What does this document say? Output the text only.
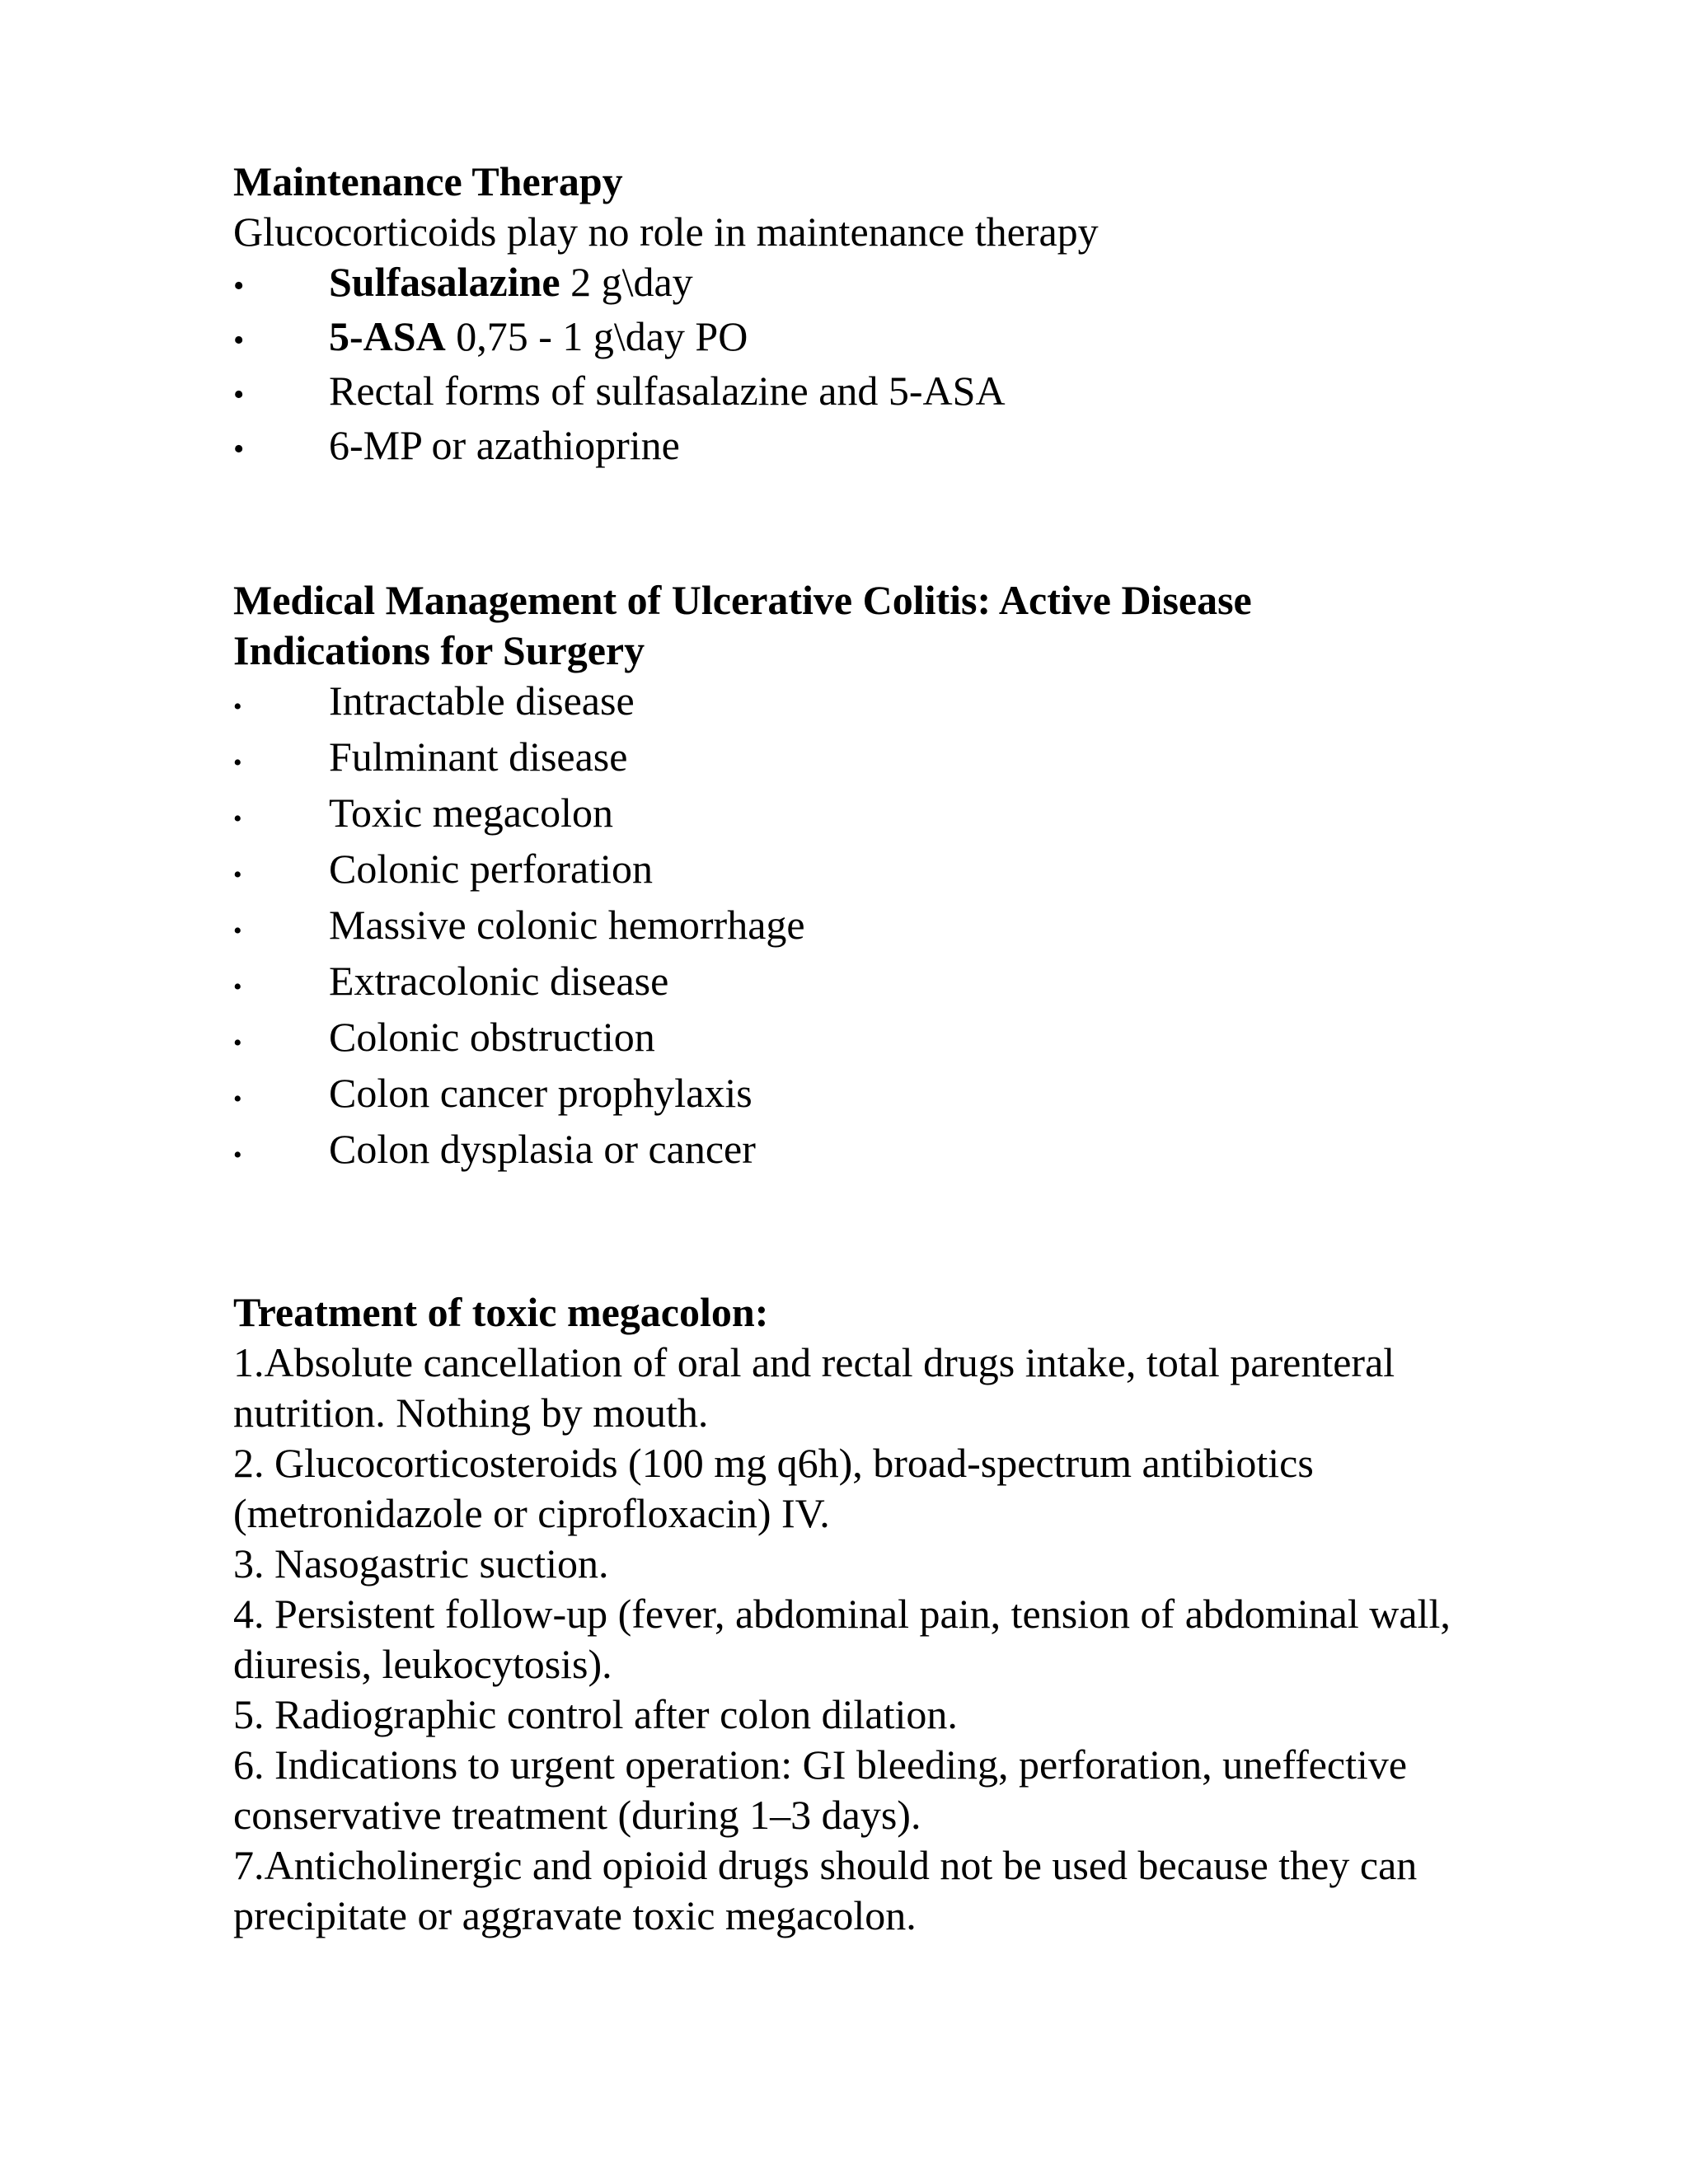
Maintenance Therapy
Glucocorticoids play no role in maintenance therapy
•	Sulfasalazine 2 g\day
•	5-ASA 0,75 - 1 g\day PO
•	Rectal forms of sulfasalazine and 5-ASA
•	6-MP or azathioprine
Medical Management of Ulcerative Colitis: Active Disease
Indications for Surgery
•	Intractable disease
•	Fulminant disease
•	Toxic megacolon
•	Colonic perforation
•	Massive colonic hemorrhage
•	Extracolonic disease
•	Colonic obstruction
•	Colon cancer prophylaxis
•	Colon dysplasia or cancer
Treatment of toxic megacolon:
1.Absolute cancellation of oral and rectal drugs intake, total parenteral
nutrition. Nothing by mouth.
2. Glucocorticosteroids (100 mg q6h), broad-spectrum antibiotics
(metronidazole or ciprofloxacin) IV.
3. Nasogastric suction.
4. Persistent follow-up (fever, abdominal pain, tension of abdominal wall,
diuresis, leukocytosis).
5. Radiographic control after colon dilation.
6. Indications to urgent operation: GI bleeding, perforation, uneffective
conservative treatment (during 1–3 days).
7.Anticholinergic and opioid drugs should not be used because they can
precipitate or aggravate toxic megacolon.
